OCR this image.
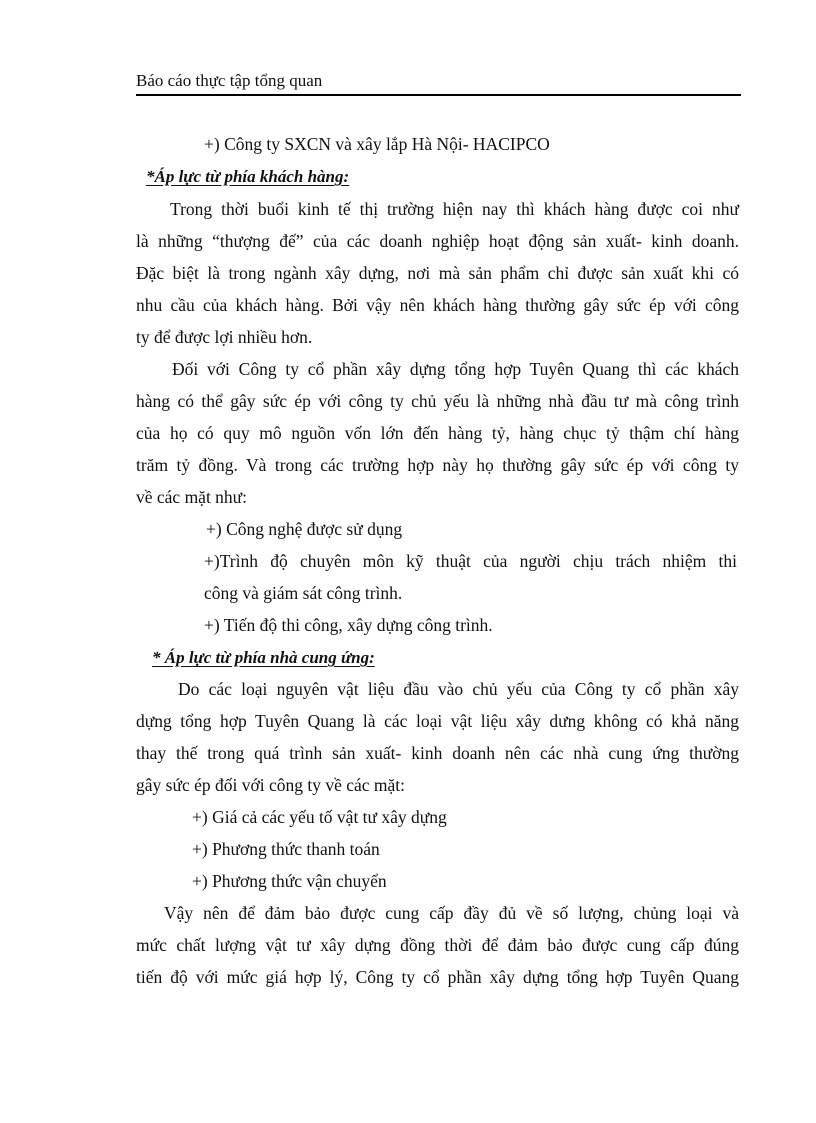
Báo cáo thực tập tổng quan
+) Công ty SXCN và xây lắp Hà Nội- HACIPCO
*Áp lực từ phía khách hàng:
Trong thời buổi kinh tế thị trường hiện nay thì khách hàng được coi như
là những “thượng đế” của các doanh nghiệp hoạt động sản xuất- kinh doanh.
Đặc biệt là trong ngành xây dựng, nơi mà sản phẩm chỉ được sản xuất khi có
nhu cầu của khách hàng. Bởi vậy nên khách hàng thường gây sức ép với công
ty để được lợi nhiều hơn.
Đối với Công ty cổ phần xây dựng tổng hợp Tuyên Quang thì các khách
hàng có thể gây sức ép với công ty chủ yếu là những nhà đầu tư mà công trình
của họ có quy mô nguồn vốn lớn đến hàng tỷ, hàng chục tỷ thậm chí hàng
trăm tỷ đồng. Và trong các trường hợp này họ thường gây sức ép với công ty
về các mặt như:
+) Công nghệ được sử dụng
+)Trình độ chuyên môn kỹ thuật của người chịu trách nhiệm thi
công và giám sát công trình.
+) Tiến độ thi công, xây dựng công trình.
* Áp lực từ phía nhà cung ứng:
Do các loại nguyên vật liệu đầu vào chủ yếu của Công ty cổ phần xây
dựng tổng hợp Tuyên Quang là các loại vật liệu xây dưng không có khả năng
thay thế trong quá trình sản xuất- kinh doanh nên các nhà cung ứng thường
gây sức ép đối với công ty về các mặt:
+) Giá cả các yếu tố vật tư xây dựng
+) Phương thức thanh toán
+) Phương thức vận chuyển
Vậy nên để đảm bảo được cung cấp đầy đủ về số lượng, chủng loại và
mức chất lượng vật tư xây dựng đồng thời để đảm bảo được cung cấp đúng
tiến độ với mức giá hợp lý, Công ty cổ phần xây dựng tổng hợp Tuyên Quang
